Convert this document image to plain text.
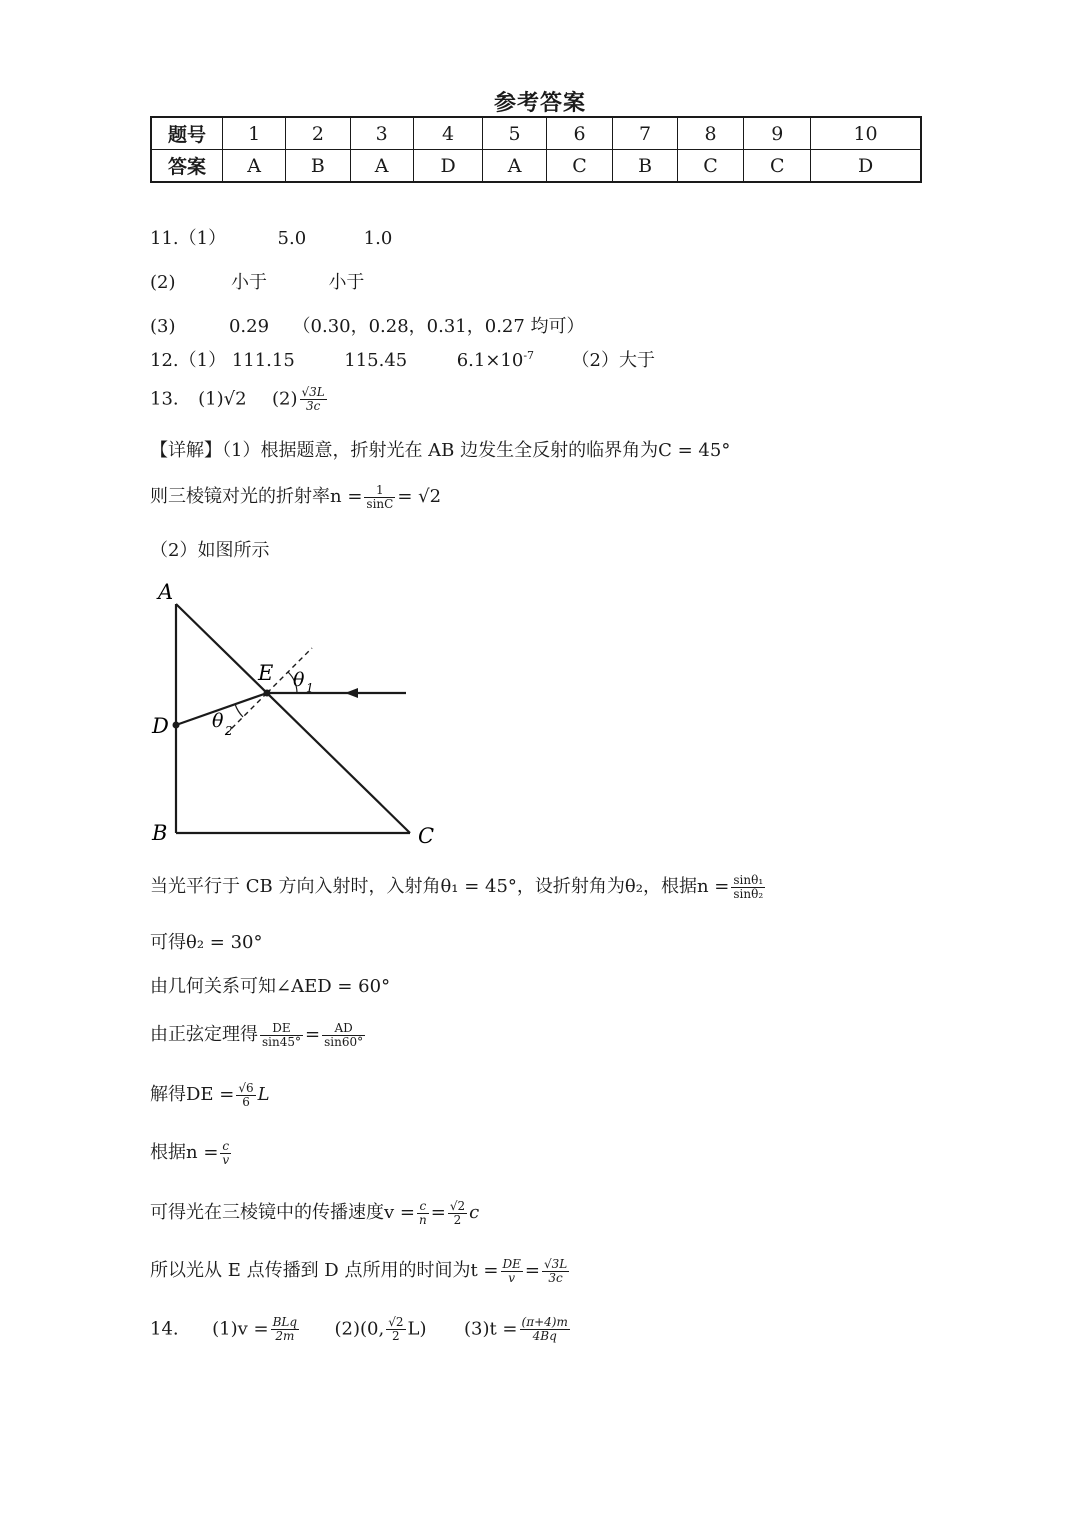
参考答案
题号	1	2	3	4	5	6	7	8	9	10
答案	A	B	A	D	A	C	B	C	C	D
11.（1）	5.0	1.0
(2)	小于	小于
(3)	0.29 （0.30，0.28，0.31，0.27 均可）
12.（1） 111.15	115.45	$6.1\times 10^{-7}$ （2）大于
13. (1)√2 $(2) \frac{√3L}{3c}$
【详解】（1）根据题意，折射光在 AB 边发生全反射的临界角为C = 45°
则三棱镜对光的折射率$n = \frac{1}{\sin C} = √2$
（2）如图所示
A
D
B	C
E θ 1
θ 2
当光平行于 CB 方向入射时，入射角θ₁ = 45°，设折射角为θ₂，根据$n = \frac{\text{sinθ₁}}{\text{sinθ₂}}$
可得θ₂ = 30°
由几何关系可知∠AED = 60°
由正弦定理得 $\frac{DE}{\sin 45^\circ} = \frac{AD}{\sin 60^\circ}$
解得DE = $\frac{√6}{6}$ L
根据$n = \frac{c}{v}$
可得光在三棱镜中的传播速度$v = \frac{c}{n} = \frac{√2}{2}$ c
所以光从 E 点传播到 D 点所用的时间为$t = \frac{DE}{v} = \frac{√3L}{3c}$
14. $(1)v = \frac{\text{BLq}}{2m} (2)(0$, $\frac{√2}{2} L$) $(3)t = \frac{(\pi+4)m}{4Bq}$
